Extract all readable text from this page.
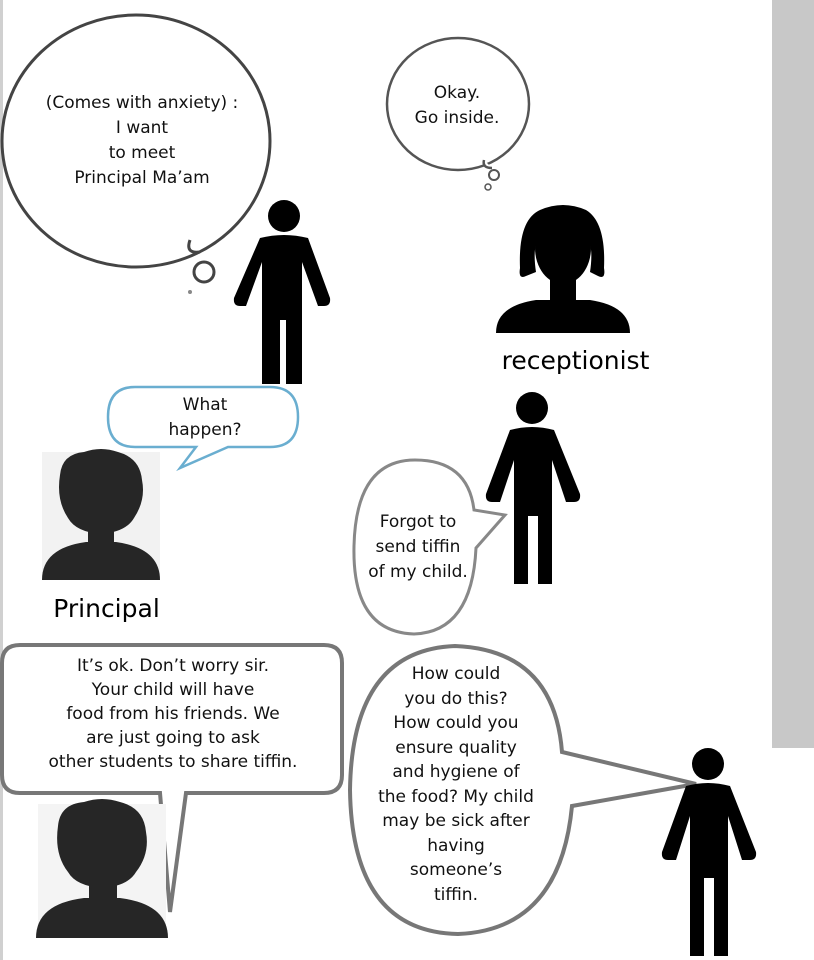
(Comes with anxiety) :
I want
to meet
Principal Ma’am
Okay.
Go inside.
receptionist
What
happen?
Forgot to
send tiffin
of my child.
Principal
It’s ok. Don’t worry sir.
Your child will have
food from his friends. We
are just going to ask
other students to share tiffin.
How could
you do this?
How could you
ensure quality
and hygiene of
the food? My child
may be sick after
having
someone’s
tiffin.
